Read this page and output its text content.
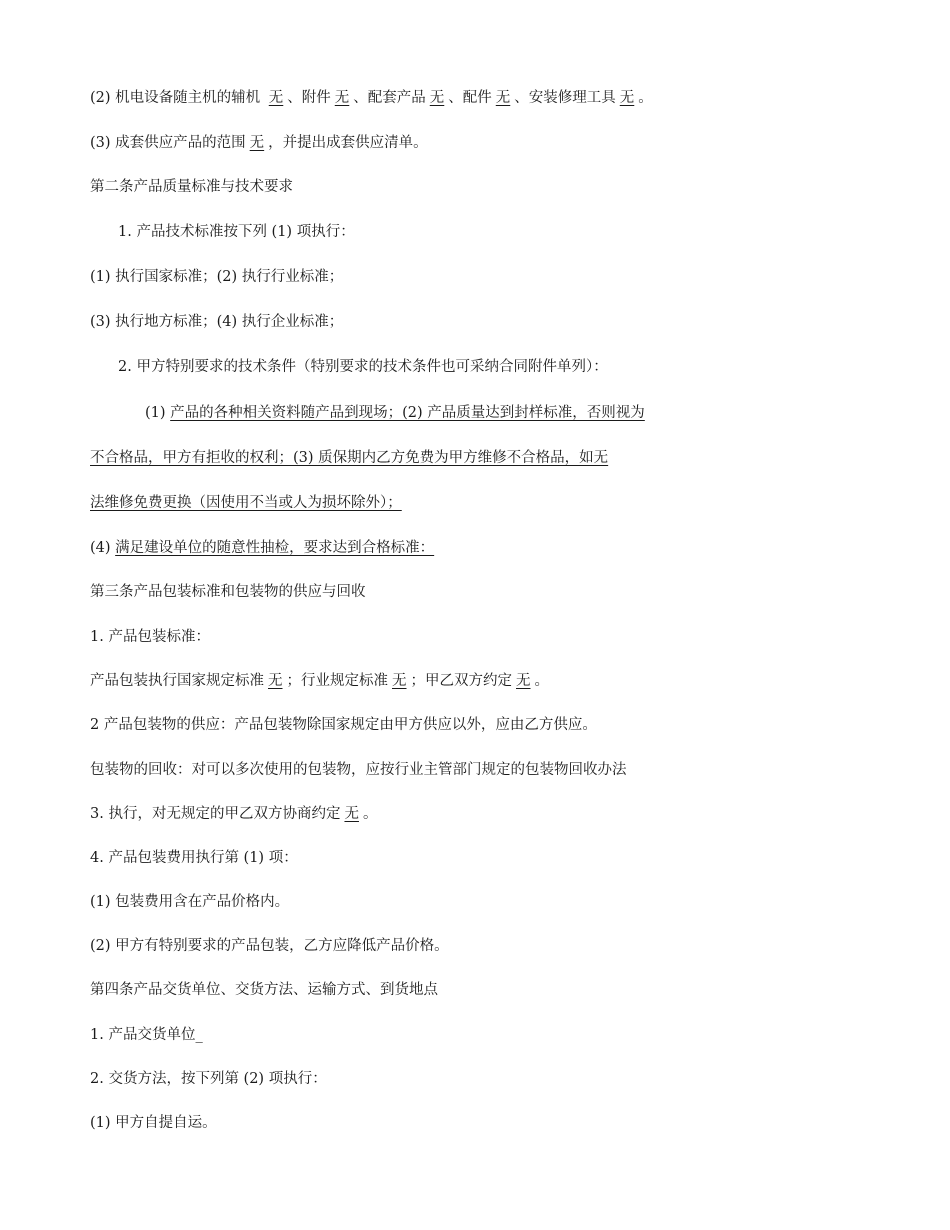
(2) 机电设备随主机的辅机 无 、附件 无 、配套产品 无 、配件 无 、安装修理工具 无 。
(3) 成套供应产品的范围 无 ，并提出成套供应清单。
第二条产品质量标准与技术要求
1. 产品技术标准按下列 (1) 项执行：
(1) 执行国家标准；(2) 执行行业标准；
(3) 执行地方标准；(4) 执行企业标准；
2. 甲方特别要求的技术条件（特别要求的技术条件也可采纳合同附件单列）：
(1) 产品的各种相关资料随产品到现场；(2) 产品质量达到封样标准，否则视为
不合格品，甲方有拒收的权利；(3) 质保期内乙方免费为甲方维修不合格品，如无
法维修免费更换（因使用不当或人为损坏除外）；
(4) 满足建设单位的随意性抽检，要求达到合格标准：
第三条产品包装标准和包装物的供应与回收
1. 产品包装标准：
产品包装执行国家规定标准 无 ；行业规定标准 无 ；甲乙双方约定 无 。
2 产品包装物的供应：产品包装物除国家规定由甲方供应以外，应由乙方供应。
包装物的回收：对可以多次使用的包装物，应按行业主管部门规定的包装物回收办法
3. 执行，对无规定的甲乙双方协商约定 无 。
4. 产品包装费用执行第 (1) 项：
(1) 包装费用含在产品价格内。
(2) 甲方有特别要求的产品包装，乙方应降低产品价格。
第四条产品交货单位、交货方法、运输方式、到货地点
1. 产品交货单位_
2. 交货方法，按下列第 (2) 项执行：
(1) 甲方自提自运。
